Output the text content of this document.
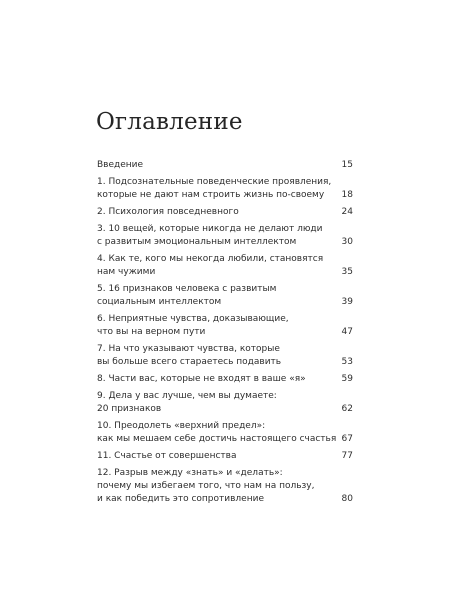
Оглавление
Введение	15
1. Подсознательные поведенческие проявления,
которые не дают нам строить жизнь по-своему	18
2. Психология повседневного	24
3. 10 вещей, которые никогда не делают люди
с развитым эмоциональным интеллектом	30
4. Как те, кого мы некогда любили, становятся
нам чужими	35
5. 16 признаков человека с развитым
социальным интеллектом	39
6. Неприятные чувства, доказывающие,
что вы на верном пути	47
7. На что указывают чувства, которые
вы больше всего стараетесь подавить	53
8. Части вас, которые не входят в ваше «я»	59
9. Дела у вас лучше, чем вы думаете:
20 признаков	62
10. Преодолеть «верхний предел»:
как мы мешаем себе достичь настоящего счастья 67
11. Счастье от совершенства	77
12. Разрыв между «знать» и «делать»:
почему мы избегаем того, что нам на пользу,
и как победить это сопротивление	80
